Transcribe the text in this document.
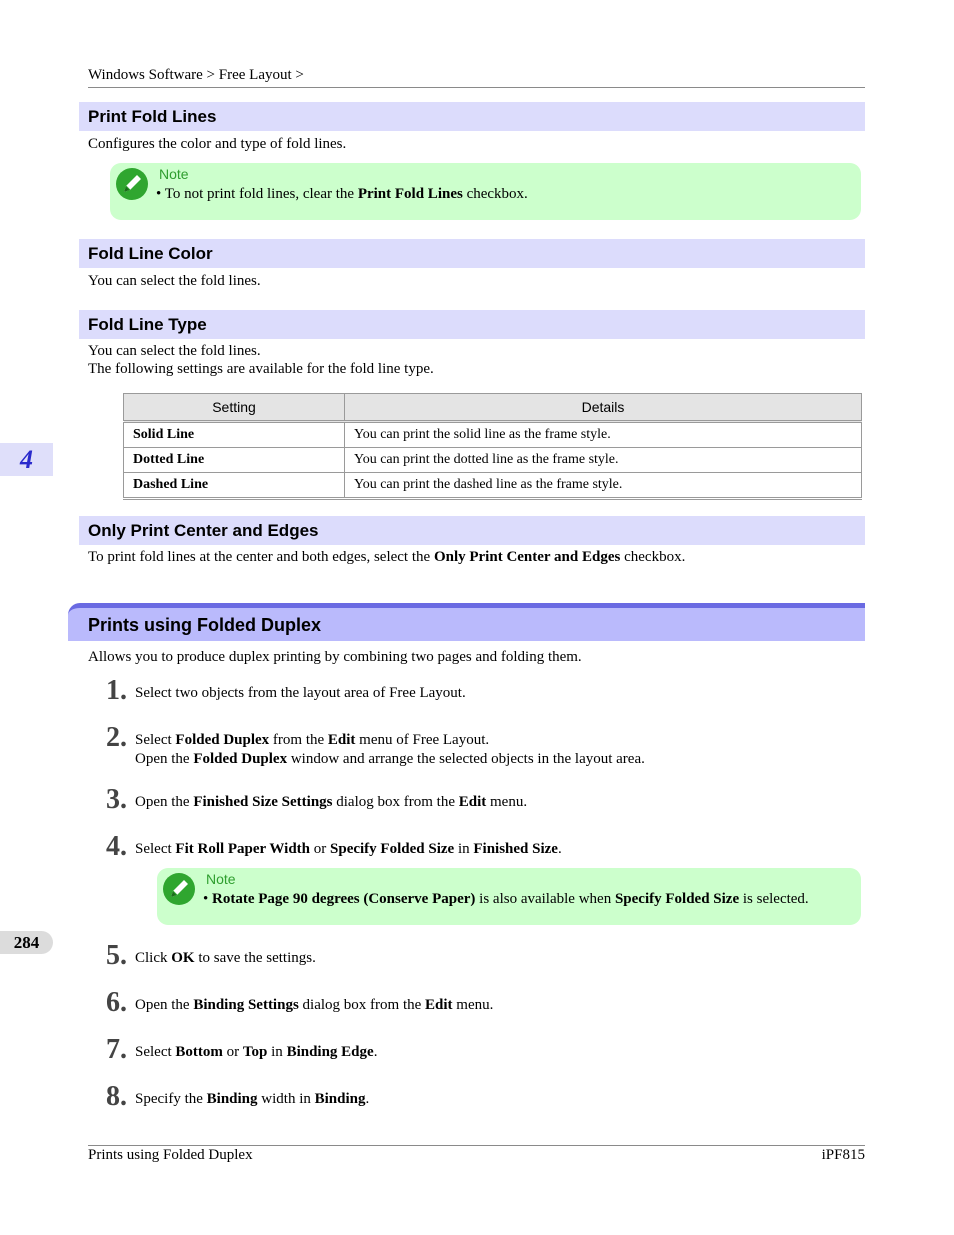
Windows Software > Free Layout >
Print Fold Lines
Configures the color and type of fold lines.
Note
• To not print fold lines, clear the Print Fold Lines checkbox.
Fold Line Color
You can select the fold lines.
Fold Line Type
You can select the fold lines.
The following settings are available for the fold line type.
Setting	Details
Solid Line	You can print the solid line as the frame style.
Dotted Line	You can print the dotted line as the frame style.
Dashed Line	You can print the dashed line as the frame style.
Only Print Center and Edges
To print fold lines at the center and both edges, select the Only Print Center and Edges checkbox.
Prints using Folded Duplex
Allows you to produce duplex printing by combining two pages and folding them.
1. Select two objects from the layout area of Free Layout.
2. Select Folded Duplex from the Edit menu of Free Layout.
Open the Folded Duplex window and arrange the selected objects in the layout area.
3. Open the Finished Size Settings dialog box from the Edit menu.
4. Select Fit Roll Paper Width or Specify Folded Size in Finished Size.
Note
• Rotate Page 90 degrees (Conserve Paper) is also available when Specify Folded Size is selected.
5. Click OK to save the settings.
6. Open the Binding Settings dialog box from the Edit menu.
7. Select Bottom or Top in Binding Edge.
8. Specify the Binding width in Binding.
4
284
Prints using Folded Duplex	iPF815
